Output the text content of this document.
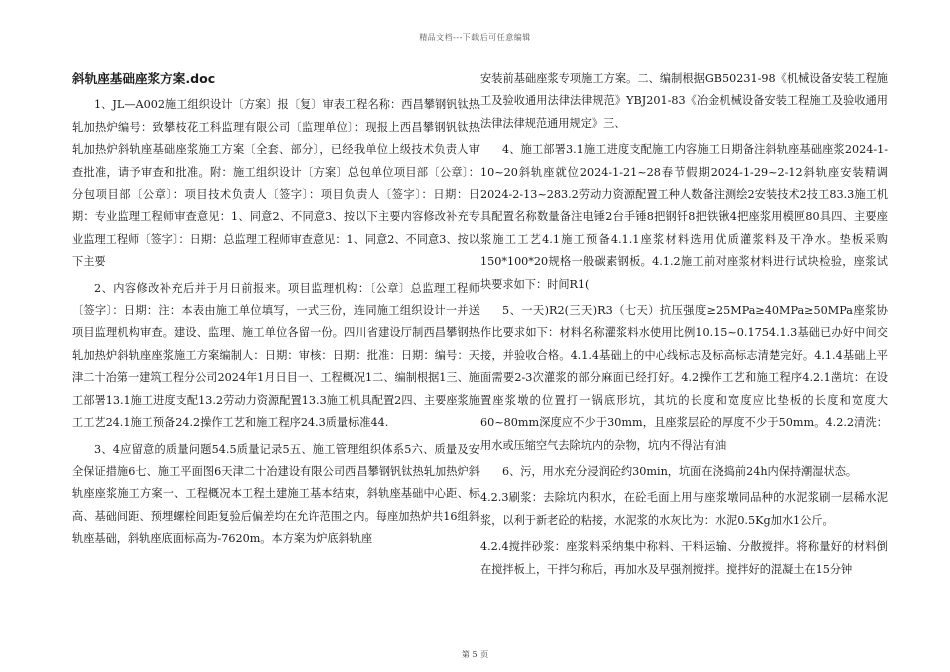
精品文档---下载后可任意编辑
斜轨座基础座浆方案.doc

1、JL—A002施工组织设计〔方案〕报〔复〕审表工程名称：西昌攀钢钒钛热轧加热炉编号：致攀枝花工科监理有限公司〔监理单位〕：现报上西昌攀钢钒钛热轧加热炉斜轨座基础座浆施工方案〔全套、部分〕，已经我单位上级技术负责人审查批准，请予审查和批准。附：施工组织设计〔方案〕总包单位项目部〔公章〕：分包项目部〔公章〕：项目技术负责人〔签字〕：项目负责人〔签字〕：日期：日期：专业监理工程师审查意见：1、同意2、不同意3、按以下主要内容修改补充专业监理工程师〔签字〕：日期：总监理工程师审查意见：1、同意2、不同意3、按以下主要

2、内容修改补充后并于月日前报来。项目监理机构：〔公章〕总监理工程师〔签字〕：日期：注：本表由施工单位填写，一式三份，连同施工组织设计一并送项目监理机构审查。建设、监理、施工单位各留一份。四川省建设厅制西昌攀钢热轧加热炉斜轨座座浆施工方案编制人：日期：审核：日期：批准：日期：编号：天津二十冶第一建筑工程分公司2024年1月日目一、工程概况1二、编制根据1三、施工部署13.1施工进度支配13.2劳动力资源配置13.3施工机具配置2四、主要座浆施工工艺24.1施工预备24.2操作工艺和施工程序24.3质量标准44.

3、4应留意的质量问题54.5质量记录5五、施工管理组织体系5六、质量及安全保证措施6七、施工平面图6天津二十冶建设有限公司西昌攀钢钒钛热轧加热炉斜轨座座浆施工方案一、工程概况本工程土建施工基本结束，斜轨座基础中心距、标高、基础间距、预埋螺栓间距复验后偏差均在允许范围之内。每座加热炉共16组斜轨座基础，斜轨座底面标高为-7620m。本方案为炉底斜轨座

安装前基础座浆专项施工方案。二、编制根据GB50231-98《机械设备安装工程施工及验收通用法律法律规范》YBJ201-83《冶金机械设备安装工程施工及验收通用法律法律规范通用规定》三、

4、施工部署3.1施工进度支配施工内容施工日期备注斜轨座基础座浆2024-1-10~20斜轨座就位2024-1-21~28春节假期2024-1-29~2-12斜轨座安装精调2024-2-13~283.2劳动力资源配置工种人数备注测绘2安装技术2技工83.3施工机具配置名称数量备注电锤2台手锤8把钢钎8把铁锹4把座浆用模匣80具四、主要座浆施工工艺4.1施工预备4.1.1座浆材料选用优质灌浆料及干净水。垫板采购150*100*20规格一般碳素钢板。4.1.2施工前对座浆材料进行试块检验，座浆试块要求如下：时间R1(

5、一天)R2(三天)R3（七天）抗压强度≥25MPa≥40MPa≥50MPa座浆协作比要求如下：材料名称灌浆料水使用比例10.15~0.1754.1.3基础已办好中间交接，并验收合格。4.1.4基础上的中心线标志及标高标志清楚完好。4.1.4基础上平面需要2-3次灌浆的部分麻面已经打好。4.2操作工艺和施工程序4.2.1凿坑：在设置座浆墩的位置打一锅底形坑，其坑的长度和宽度应比垫板的长度和宽度大60~80mm深度应不少于30mm，且座浆层砼的厚度不少于50mm。4.2.2清洗：用水或压缩空气去除坑内的杂物，坑内不得沾有油

6、污，用水充分浸润砼约30min，坑面在浇捣前24h内保持潮湿状态。

4.2.3刷浆：去除坑内积水，在砼毛面上用与座浆墩同品种的水泥浆刷一层稀水泥浆，以利于新老砼的粘接，水泥浆的水灰比为：水泥0.5Kg加水1公斤。

4.2.4搅拌砂浆：座浆料采纳集中称料、干料运输、分散搅拌。将称量好的材料倒在搅拌板上，干拌匀称后，再加水及早强剂搅拌。搅拌好的混凝土在15分钟

第 5 页
